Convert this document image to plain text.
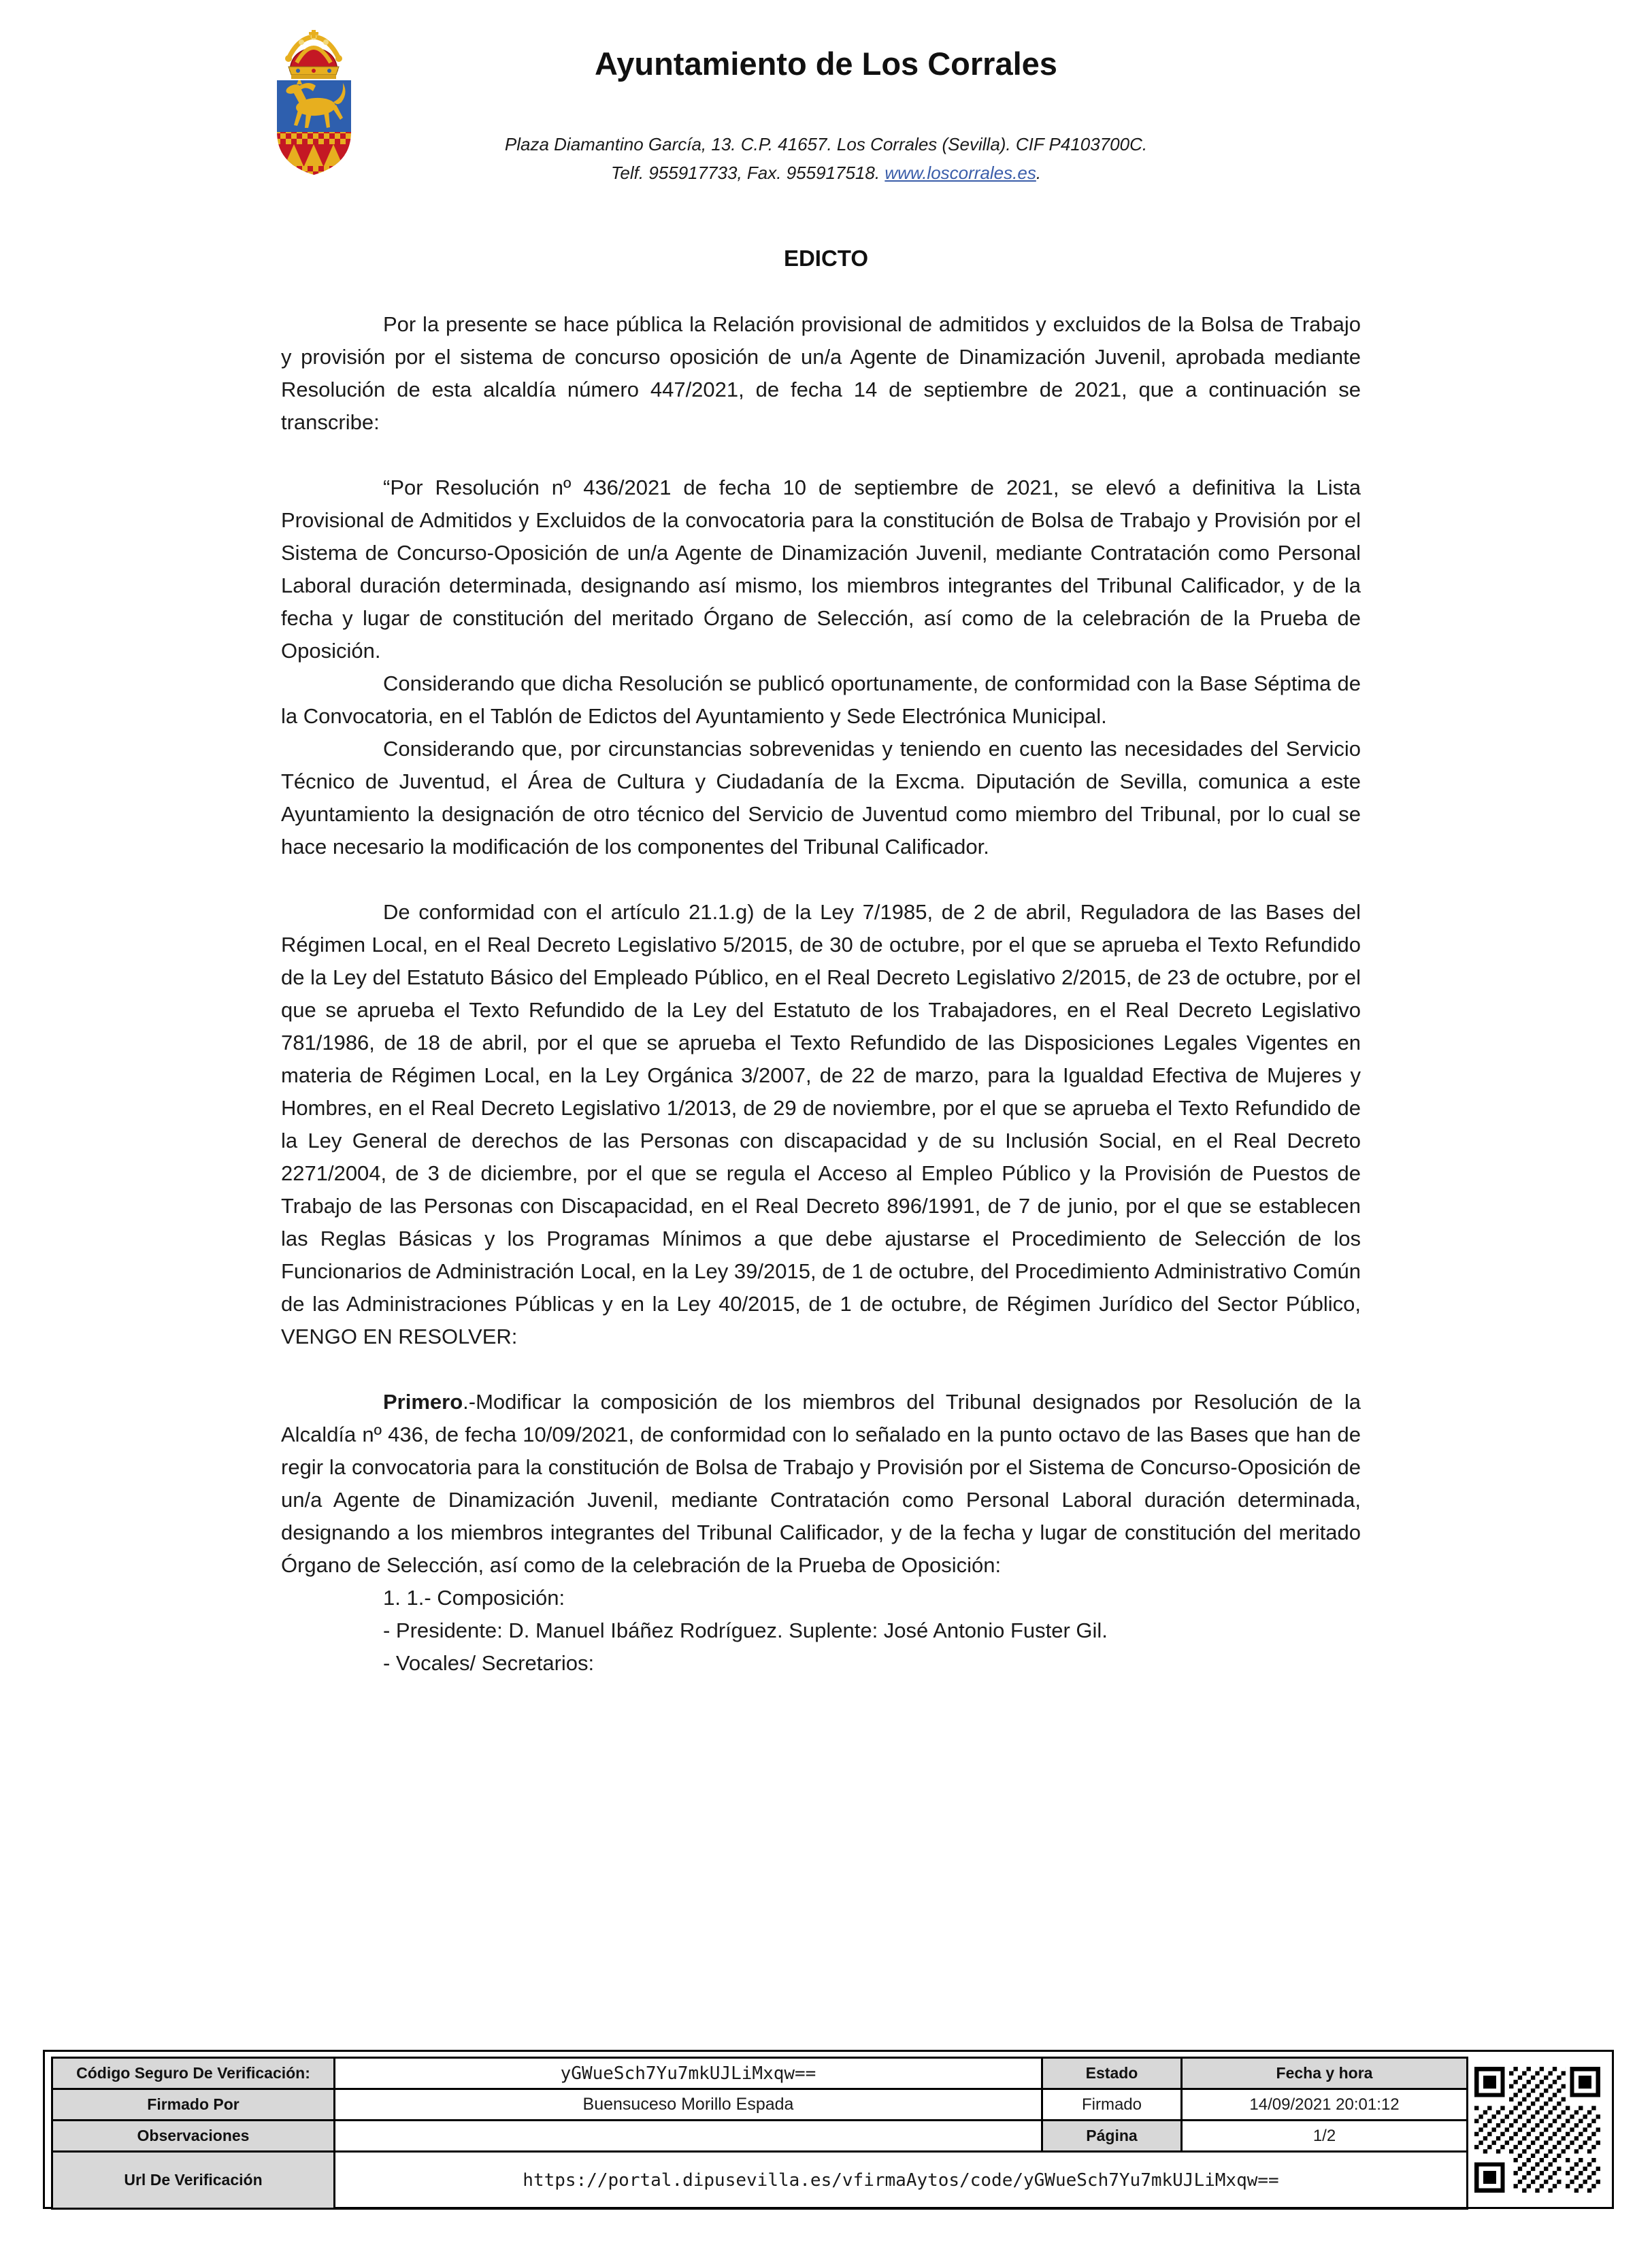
Ayuntamiento de Los Corrales
Plaza Diamantino García, 13. C.P. 41657. Los Corrales (Sevilla). CIF P4103700C.
Telf. 955917733, Fax. 955917518. www.loscorrales.es.
EDICTO

Por la presente se hace pública la Relación provisional de admitidos y excluidos de la Bolsa de Trabajo y provisión por el sistema de concurso oposición de un/a Agente de Dinamización Juvenil, aprobada mediante Resolución de esta alcaldía número 447/2021, de fecha 14 de septiembre de 2021, que a continuación se transcribe:

“Por Resolución nº 436/2021 de fecha 10 de septiembre de 2021, se elevó a definitiva la Lista Provisional de Admitidos y Excluidos de la convocatoria para la constitución de Bolsa de Trabajo y Provisión por el Sistema de Concurso-Oposición de un/a Agente de Dinamización Juvenil, mediante Contratación como Personal Laboral duración determinada, designando así mismo, los miembros integrantes del Tribunal Calificador, y de la fecha y lugar de constitución del meritado Órgano de Selección, así como de la celebración de la Prueba de Oposición.

Considerando que dicha Resolución se publicó oportunamente, de conformidad con la Base Séptima de la Convocatoria, en el Tablón de Edictos del Ayuntamiento y Sede Electrónica Municipal.

Considerando que, por circunstancias sobrevenidas y teniendo en cuento las necesidades del Servicio Técnico de Juventud, el Área de Cultura y Ciudadanía de la Excma. Diputación de Sevilla, comunica a este Ayuntamiento la designación de otro técnico del Servicio de Juventud como miembro del Tribunal, por lo cual se hace necesario la modificación de los componentes del Tribunal Calificador.

De conformidad con el artículo 21.1.g) de la Ley 7/1985, de 2 de abril, Reguladora de las Bases del Régimen Local, en el Real Decreto Legislativo 5/2015, de 30 de octubre, por el que se aprueba el Texto Refundido de la Ley del Estatuto Básico del Empleado Público, en el Real Decreto Legislativo 2/2015, de 23 de octubre, por el que se aprueba el Texto Refundido de la Ley del Estatuto de los Trabajadores, en el Real Decreto Legislativo 781/1986, de 18 de abril, por el que se aprueba el Texto Refundido de las Disposiciones Legales Vigentes en materia de Régimen Local, en la Ley Orgánica 3/2007, de 22 de marzo, para la Igualdad Efectiva de Mujeres y Hombres, en el Real Decreto Legislativo 1/2013, de 29 de noviembre, por el que se aprueba el Texto Refundido de la Ley General de derechos de las Personas con discapacidad y de su Inclusión Social, en el Real Decreto 2271/2004, de 3 de diciembre, por el que se regula el Acceso al Empleo Público y la Provisión de Puestos de Trabajo de las Personas con Discapacidad, en el Real Decreto 896/1991, de 7 de junio, por el que se establecen las Reglas Básicas y los Programas Mínimos a que debe ajustarse el Procedimiento de Selección de los Funcionarios de Administración Local, en la Ley 39/2015, de 1 de octubre, del Procedimiento Administrativo Común de las Administraciones Públicas y en la Ley 40/2015, de 1 de octubre, de Régimen Jurídico del Sector Público, VENGO EN RESOLVER:

Primero.-Modificar la composición de los miembros del Tribunal designados por Resolución de la Alcaldía nº 436, de fecha 10/09/2021, de conformidad con lo señalado en la punto octavo de las Bases que han de regir la convocatoria para la constitución de Bolsa de Trabajo y Provisión por el Sistema de Concurso-Oposición de un/a Agente de Dinamización Juvenil, mediante Contratación como Personal Laboral duración determinada, designando a los miembros integrantes del Tribunal Calificador, y de la fecha y lugar de constitución del meritado Órgano de Selección, así como de la celebración de la Prueba de Oposición:

1. 1.- Composición:

- Presidente: D. Manuel Ibáñez Rodríguez. Suplente: José Antonio Fuster Gil.

- Vocales/ Secretarios:

Código Seguro De Verificación:	yGWueSch7Yu7mkUJLiMxqw==	Estado	Fecha y hora
Firmado Por	Buensuceso Morillo Espada	Firmado	14/09/2021 20:01:12
Observaciones		Página	1/2
Url De Verificación	https://portal.dipusevilla.es/vfirmaAytos/code/yGWueSch7Yu7mkUJLiMxqw==		
